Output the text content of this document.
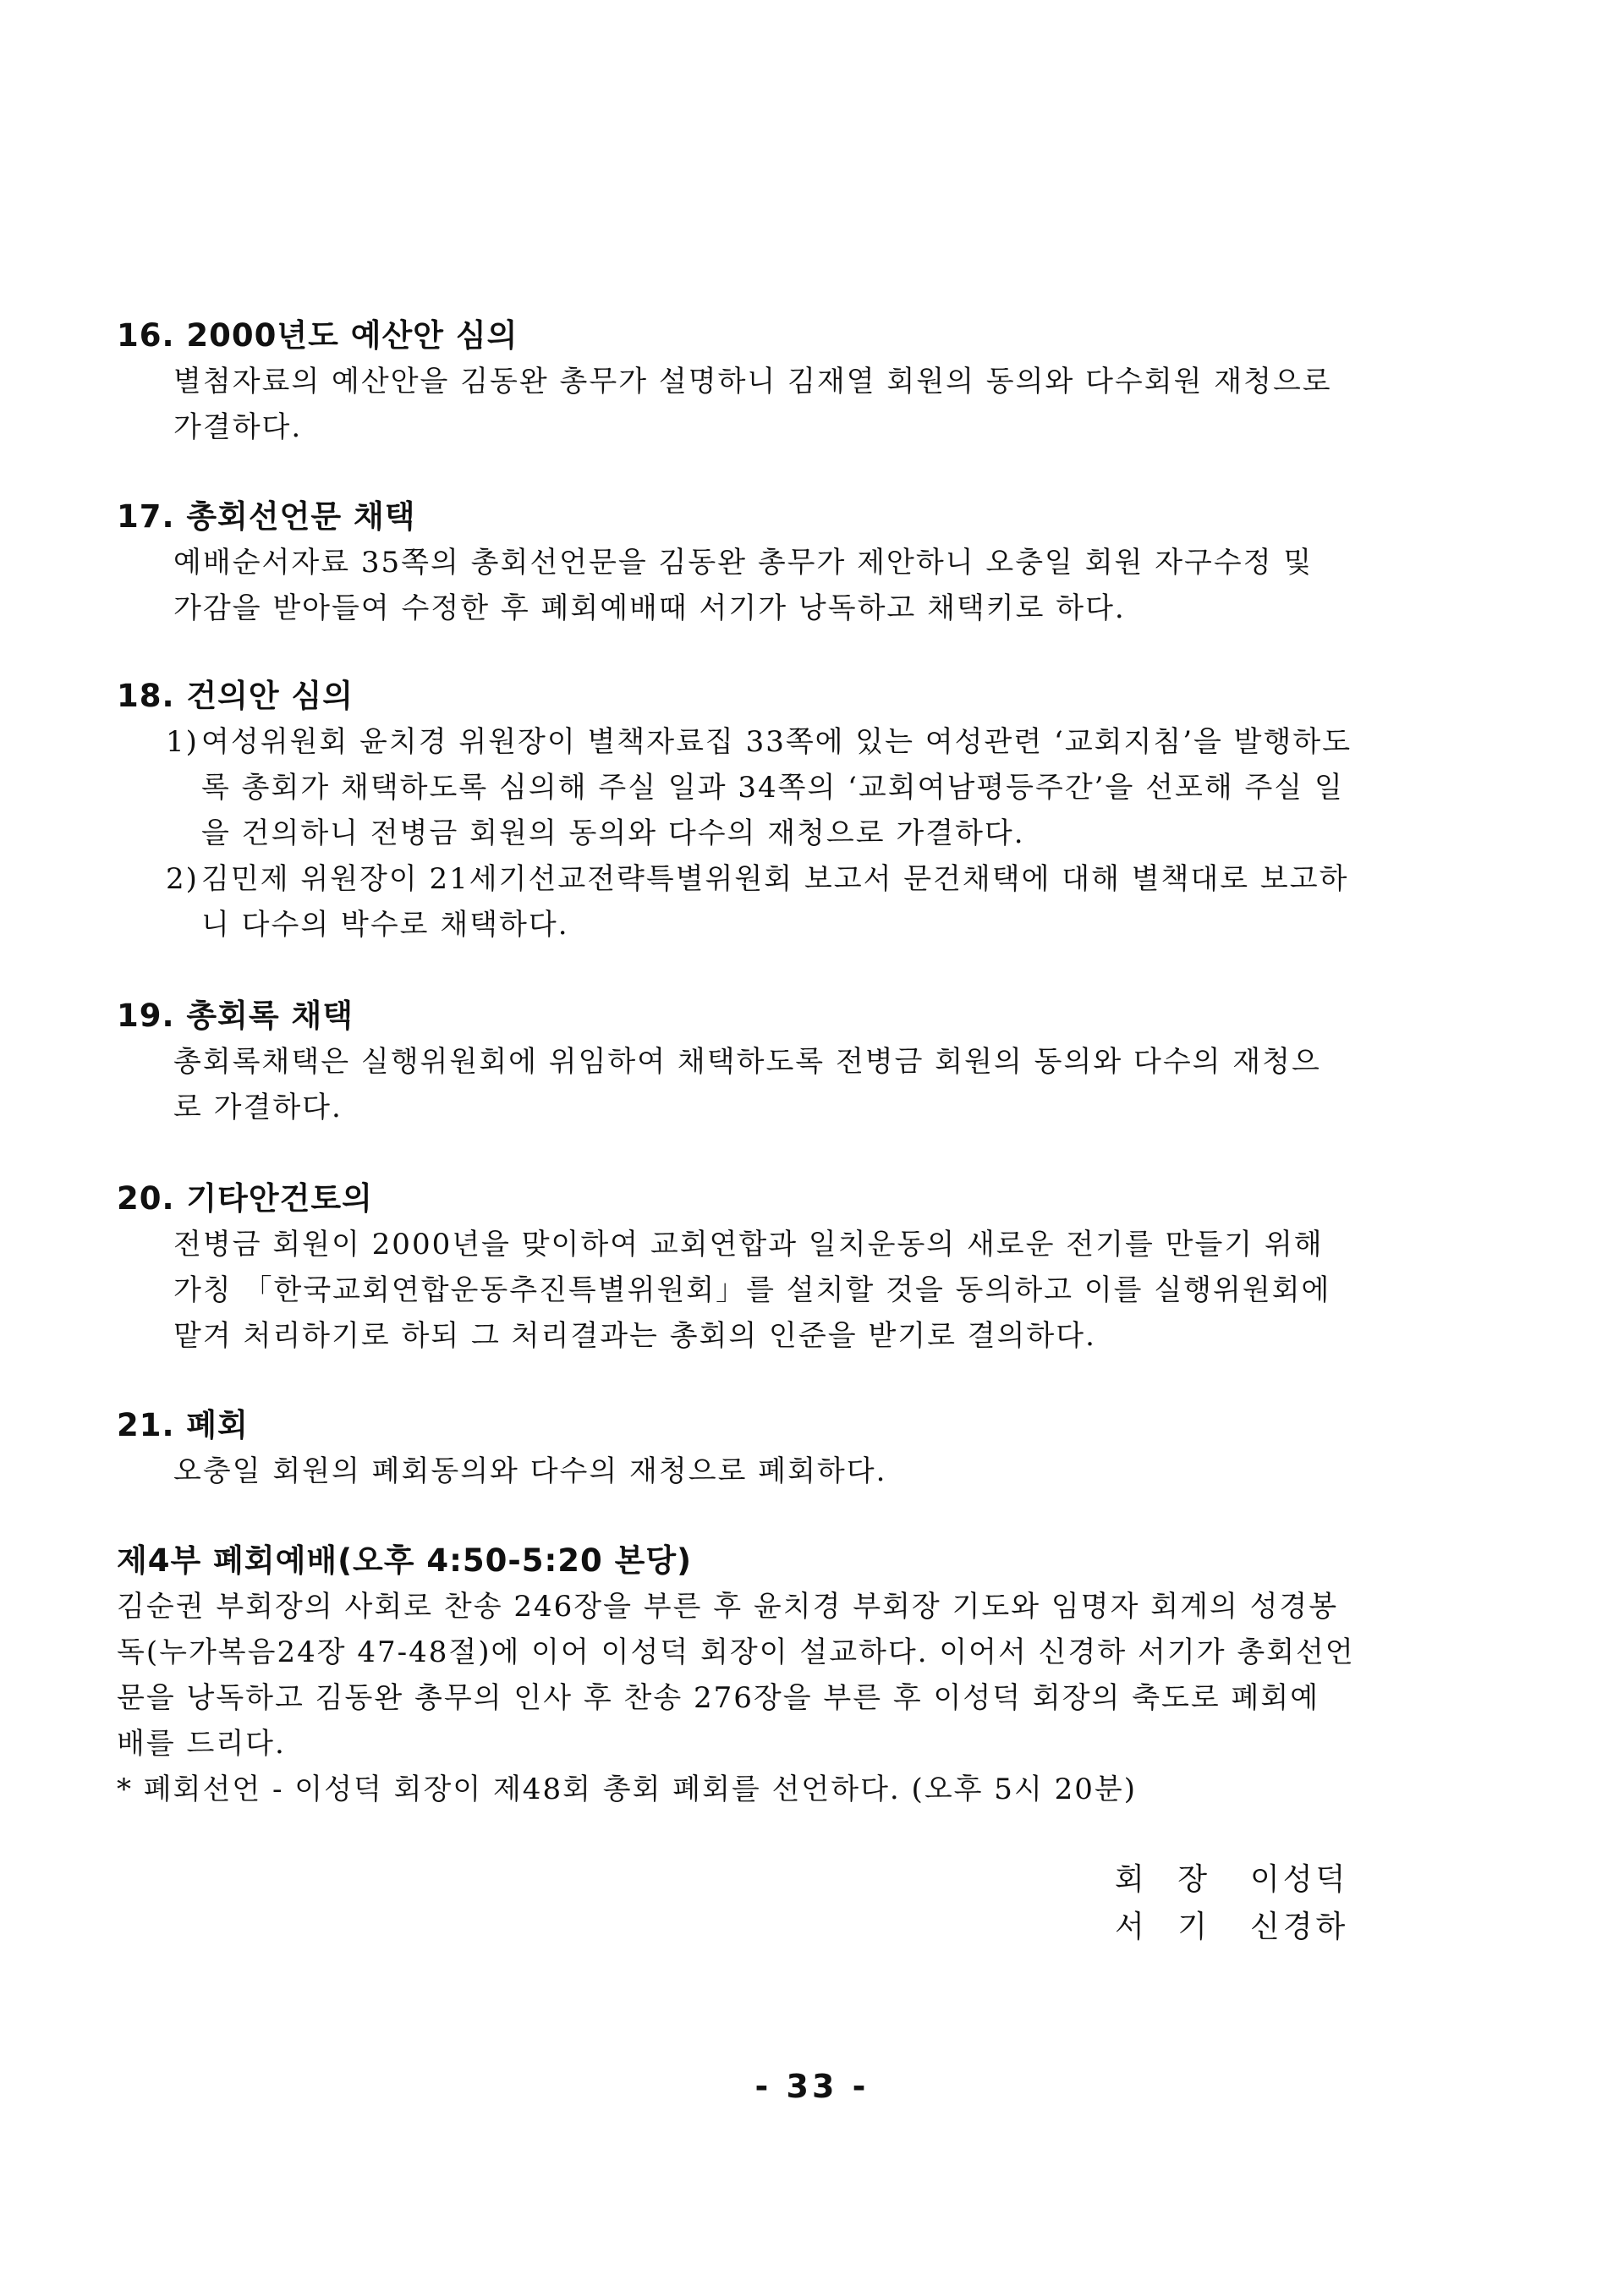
16. 2000년도 예산안 심의
별첨자료의 예산안을 김동완 총무가 설명하니 김재열 회원의 동의와 다수회원 재청으로
가결하다.
17. 총회선언문 채택
예배순서자료 35쪽의 총회선언문을 김동완 총무가 제안하니 오충일 회원 자구수정 및
가감을 받아들여 수정한 후 폐회예배때 서기가 낭독하고 채택키로 하다.
18. 건의안 심의
1) 여성위원회 윤치경 위원장이 별책자료집 33쪽에 있는 여성관련 ‘교회지침’을 발행하도
록 총회가 채택하도록 심의해 주실 일과 34쪽의 ‘교회여남평등주간’을 선포해 주실 일
을 건의하니 전병금 회원의 동의와 다수의 재청으로 가결하다.
2) 김민제 위원장이 21세기선교전략특별위원회 보고서 문건채택에 대해 별책대로 보고하
니 다수의 박수로 채택하다.
19. 총회록 채택
총회록채택은 실행위원회에 위임하여 채택하도록 전병금 회원의 동의와 다수의 재청으
로 가결하다.
20. 기타안건토의
전병금 회원이 2000년을 맞이하여 교회연합과 일치운동의 새로운 전기를 만들기 위해
가칭 「한국교회연합운동추진특별위원회」를 설치할 것을 동의하고 이를 실행위원회에
맡겨 처리하기로 하되 그 처리결과는 총회의 인준을 받기로 결의하다.
21. 폐회
오충일 회원의 폐회동의와 다수의 재청으로 폐회하다.
제4부 폐회예배(오후 4:50-5:20 본당)
김순권 부회장의 사회로 찬송 246장을 부른 후 윤치경 부회장 기도와 임명자 회계의 성경봉
독(누가복음24장 47-48절)에 이어 이성덕 회장이 설교하다. 이어서 신경하 서기가 총회선언
문을 낭독하고 김동완 총무의 인사 후 찬송 276장을 부른 후 이성덕 회장의 축도로 폐회예
배를 드리다.
* 폐회선언 - 이성덕 회장이 제48회 총회 폐회를 선언하다. (오후 5시 20분)
회 장	이성덕
서 기	신경하
- 33 -
